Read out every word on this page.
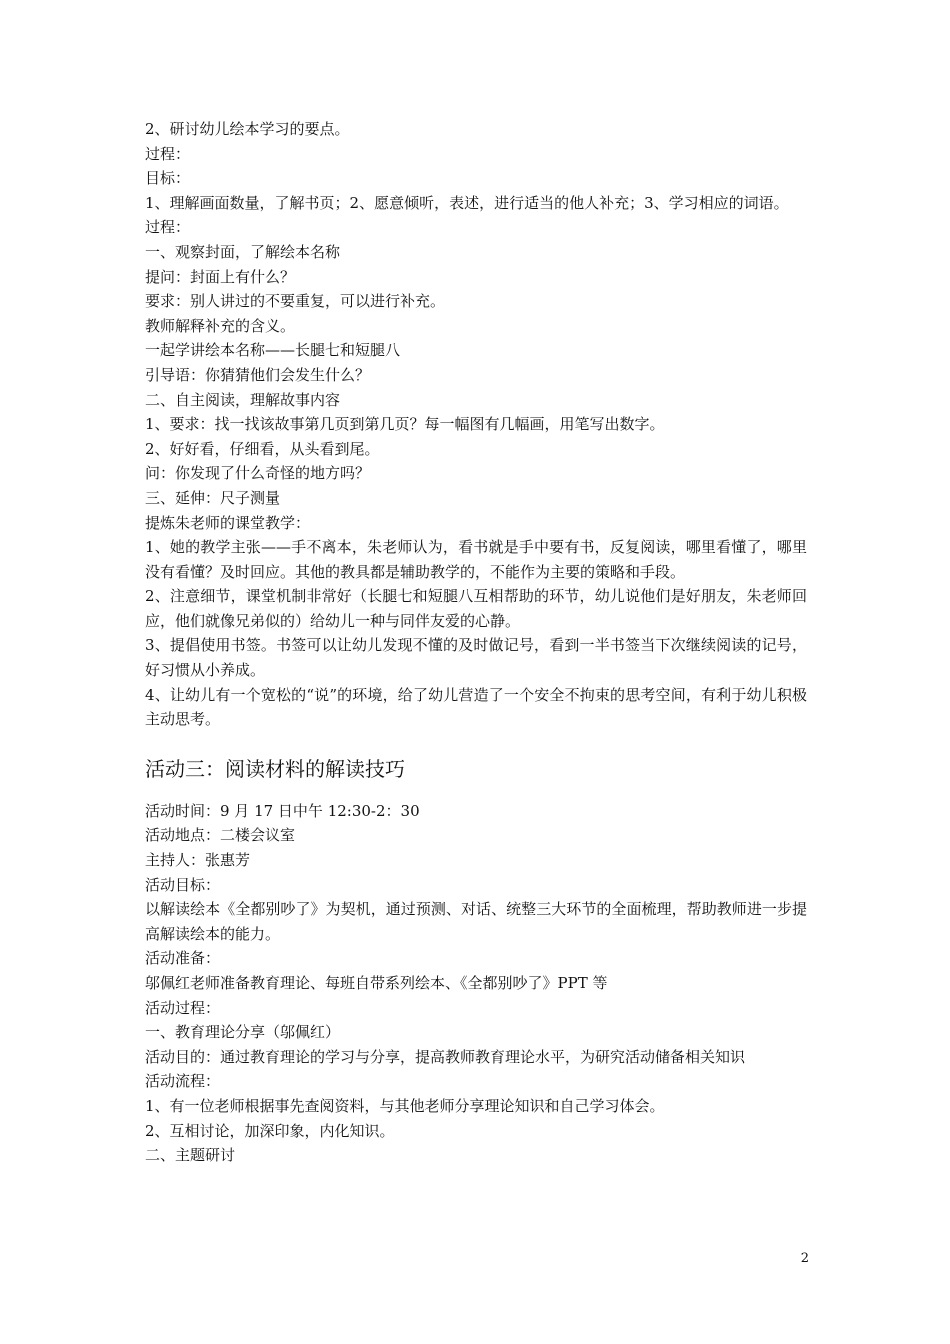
2、研讨幼儿绘本学习的要点。
过程：
目标：
1、理解画面数量，了解书页；2、愿意倾听，表述，进行适当的他人补充；3、学习相应的词语。
过程：
一、观察封面，了解绘本名称
提问：封面上有什么？
要求：别人讲过的不要重复，可以进行补充。
教师解释补充的含义。
一起学讲绘本名称——长腿七和短腿八
引导语：你猜猜他们会发生什么？
二、自主阅读，理解故事内容
1、要求：找一找该故事第几页到第几页？每一幅图有几幅画，用笔写出数字。
2、好好看，仔细看，从头看到尾。
问：你发现了什么奇怪的地方吗？
三、延伸：尺子测量
提炼朱老师的课堂教学：
1、她的教学主张——手不离本，朱老师认为，看书就是手中要有书，反复阅读，哪里看懂了，哪里没有看懂？及时回应。其他的教具都是辅助教学的，不能作为主要的策略和手段。
2、注意细节，课堂机制非常好（长腿七和短腿八互相帮助的环节，幼儿说他们是好朋友，朱老师回应，他们就像兄弟似的）给幼儿一种与同伴友爱的心静。
3、提倡使用书签。书签可以让幼儿发现不懂的及时做记号，看到一半书签当下次继续阅读的记号，好习惯从小养成。
4、让幼儿有一个宽松的“说”的环境，给了幼儿营造了一个安全不拘束的思考空间，有利于幼儿积极主动思考。
活动三：阅读材料的解读技巧
活动时间：9 月 17 日中午 12:30-2：30
活动地点：二楼会议室
主持人：张惠芳
活动目标：
以解读绘本《全都别吵了》为契机，通过预测、对话、统整三大环节的全面梳理，帮助教师进一步提高解读绘本的能力。
活动准备：
邬佩红老师准备教育理论、每班自带系列绘本、《全都别吵了》PPT 等
活动过程：
一、教育理论分享（邬佩红）
活动目的：通过教育理论的学习与分享，提高教师教育理论水平，为研究活动储备相关知识
活动流程：
1、有一位老师根据事先查阅资料，与其他老师分享理论知识和自己学习体会。
2、互相讨论，加深印象，内化知识。
二、主题研讨
2
